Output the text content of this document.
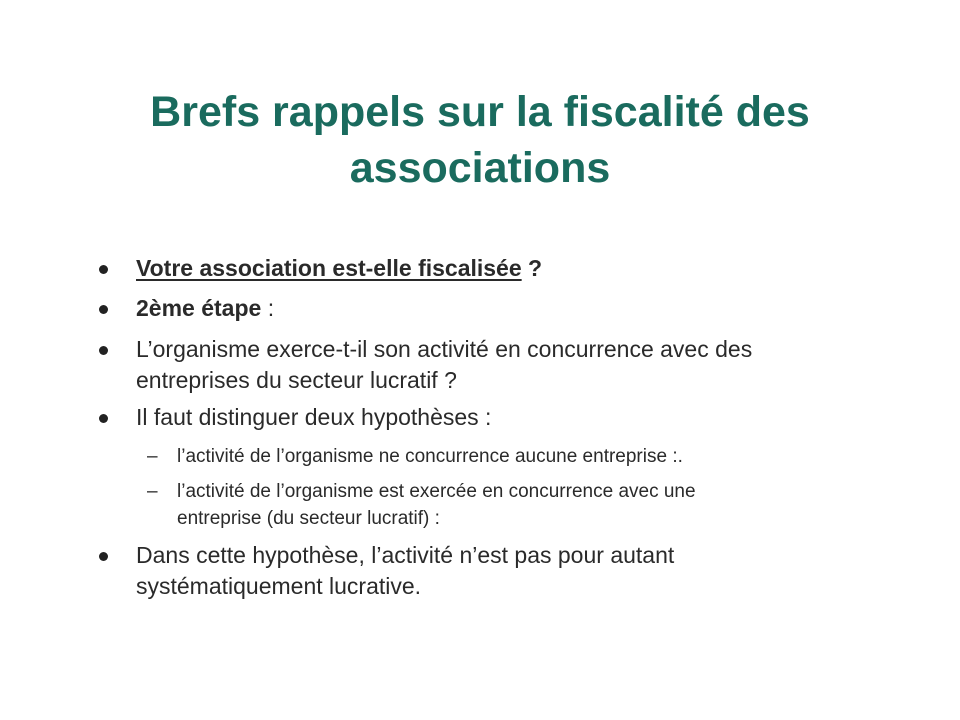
Brefs rappels sur la fiscalité des
associations
Votre association est-elle fiscalisée ?
2ème étape :
L’organisme exerce-t-il son activité en concurrence avec des
entreprises du secteur lucratif ?
Il faut distinguer deux hypothèses :
– l’activité de l’organisme ne concurrence aucune entreprise :.
– l’activité de l’organisme est exercée en concurrence avec une
entreprise (du secteur lucratif) :
Dans cette hypothèse, l’activité n’est pas pour autant
systématiquement lucrative.
